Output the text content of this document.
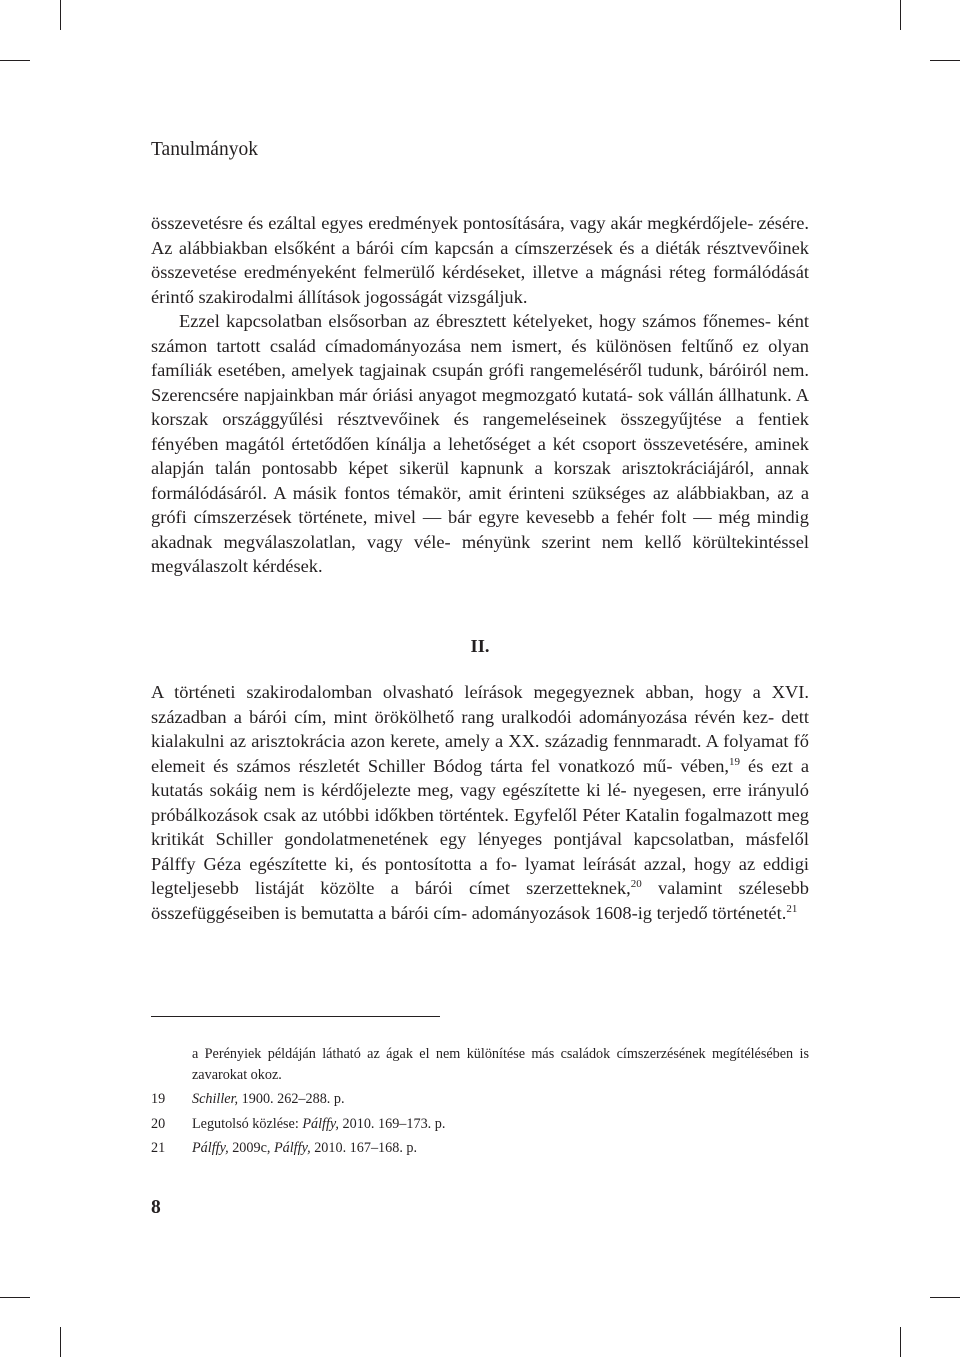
Tanulmányok

összevetésre és ezáltal egyes eredmények pontosítására, vagy akár megkérdőjele- zésére. Az alábbiakban elsőként a bárói cím kapcsán a címszerzések és a diéták résztvevőinek összevetése eredményeként felmerülő kérdéseket, illetve a mágnási réteg formálódását érintő szakirodalmi állítások jogosságát vizsgáljuk.

Ezzel kapcsolatban elsősorban az ébresztett kételyeket, hogy számos főnemes- ként számon tartott család címadományozása nem ismert, és különösen feltűnő ez olyan famíliák esetében, amelyek tagjainak csupán grófi rangemeléséről tudunk, báróiról nem. Szerencsére napjainkban már óriási anyagot megmozgató kutatá- sok vállán állhatunk. A korszak országgyűlési résztvevőinek és rangemeléseinek összegyűjtése a fentiek fényében magától értetődően kínálja a lehetőséget a két csoport összevetésére, aminek alapján talán pontosabb képet sikerül kapnunk a korszak arisztokráciájáról, annak formálódásáról. A másik fontos témakör, amit érinteni szükséges az alábbiakban, az a grófi címszerzések története, mivel — bár egyre kevesebb a fehér folt — még mindig akadnak megválaszolatlan, vagy véle- ményünk szerint nem kellő körültekintéssel megválaszolt kérdések.

II.

A történeti szakirodalomban olvasható leírások megegyeznek abban, hogy a XVI. században a bárói cím, mint örökölhető rang uralkodói adományozása révén kez- dett kialakulni az arisztokrácia azon kerete, amely a XX. századig fennmaradt. A folyamat fő elemeit és számos részletét Schiller Bódog tárta fel vonatkozó mű- vében,$^{19}$ és ezt a kutatás sokáig nem is kérdőjelezte meg, vagy egészítette ki lé- nyegesen, erre irányuló próbálkozások csak az utóbbi időkben történtek. Egyfelől Péter Katalin fogalmazott meg kritikát Schiller gondolatmenetének egy lényeges pontjával kapcsolatban, másfelől Pálffy Géza egészítette ki, és pontosította a fo- lyamat leírását azzal, hogy az eddigi legteljesebb listáját közölte a bárói címet szerzetteknek,$^{20}$ valamint szélesebb összefüggéseiben is bemutatta a bárói cím- adományozások 1608-ig terjedő történetét.$^{21}$

a Perényiek példáján látható az ágak el nem különítése más családok címszerzésének megítélésében is zavarokat okoz.
19 Schiller, 1900. 262–288. p.
20 Legutolsó közlése: Pálffy, 2010. 169–173. p.
21 Pálffy, 2009c, Pálffy, 2010. 167–168. p.
8
